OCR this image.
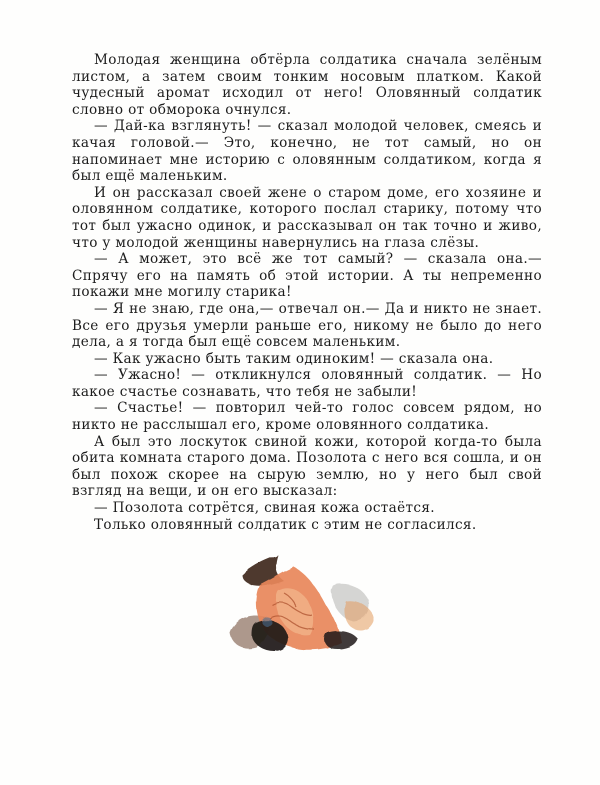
Молодая женщина обтёрла солдатика сначала зелёным листом, а затем своим тонким носовым платком. Какой чудесный аромат исходил от него! Оловянный солдатик словно от обморока очнулся.

— Дай-ка взглянуть! — сказал молодой человек, смеясь и качая головой.— Это, конечно, не тот самый, но он напоминает мне историю с оловянным солдатиком, когда я был ещё маленьким.

И он рассказал своей жене о старом доме, его хозяине и оловянном солдатике, которого послал старику, потому что тот был ужасно одинок, и рассказывал он так точно и живо, что у молодой женщины навернулись на глаза слёзы.

— А может, это всё же тот самый? — сказала она.— Спрячу его на память об этой истории. А ты непременно покажи мне могилу старика!

— Я не знаю, где она,— отвечал он.— Да и никто не знает. Все его друзья умерли раньше его, никому не было до него дела, а я тогда был ещё совсем маленьким.

— Как ужасно быть таким одиноким! — сказала она.

— Ужасно! — откликнулся оловянный солдатик. — Но какое счастье сознавать, что тебя не забыли!

— Счастье! — повторил чей-то голос совсем рядом, но никто не расслышал его, кроме оловянного солдатика.

А был это лоскуток свиной кожи, которой когда-то была обита комната старого дома. Позолота с него вся сошла, и он был похож скорее на сырую землю, но у него был свой взгляд на вещи, и он его высказал:

— Позолота сотрётся, свиная кожа остаётся.

Только оловянный солдатик с этим не согласился.
